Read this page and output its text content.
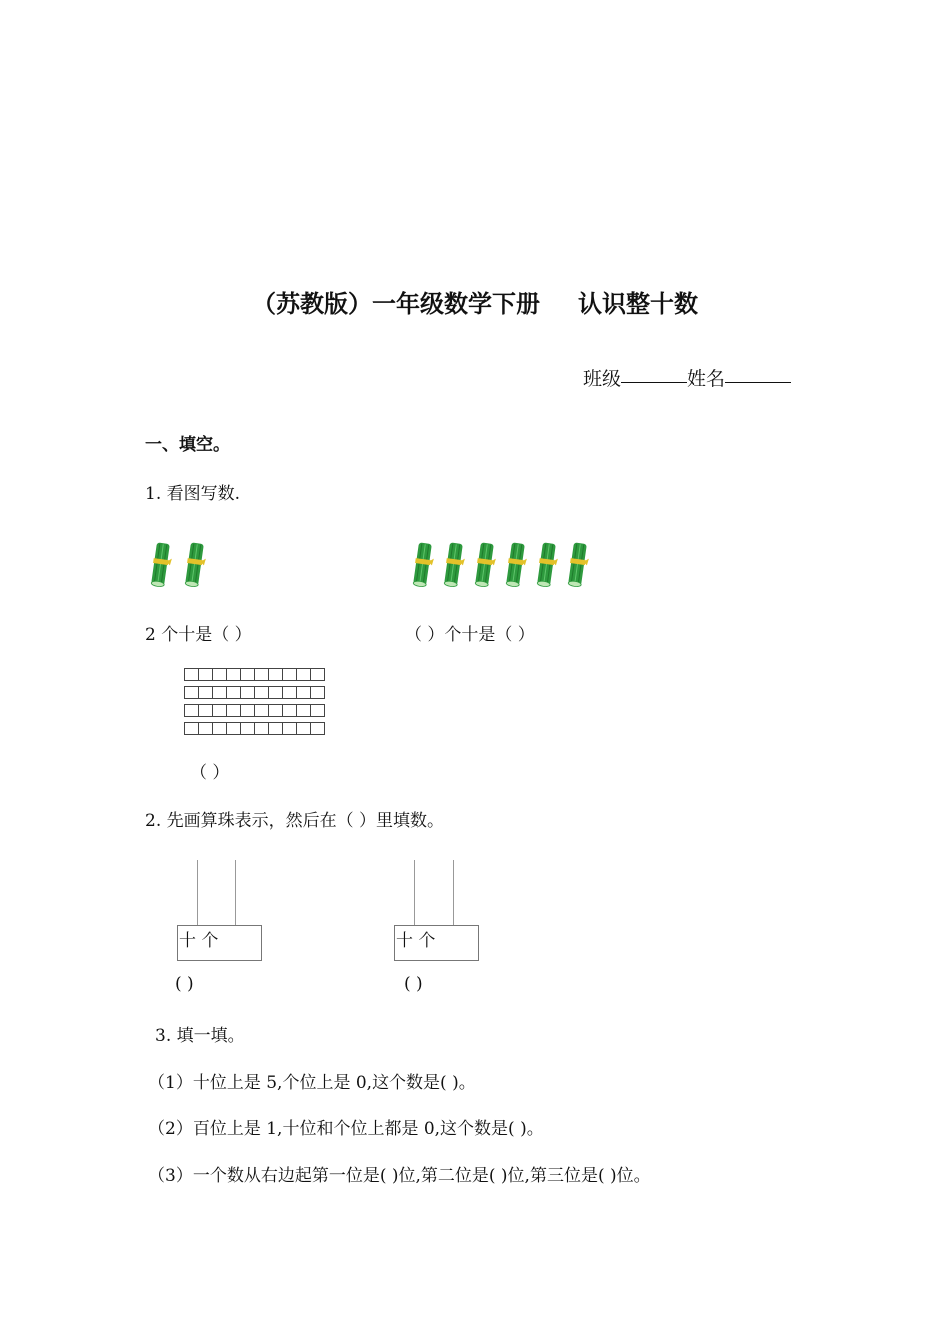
（苏教版）一年级数学下册 认识整十数
班级	姓名
一、填空。
1. 看图写数.
2 个十是（ ）	（ ）个十是（ ）
（ ）
2. 先画算珠表示，然后在（ ）里填数。
十 个
( )
十 个
( )
3. 填一填。
（1）十位上是 5,个位上是 0,这个数是( )。
（2）百位上是 1,十位和个位上都是 0,这个数是( )。
（3）一个数从右边起第一位是( )位,第二位是( )位,第三位是( )位。
